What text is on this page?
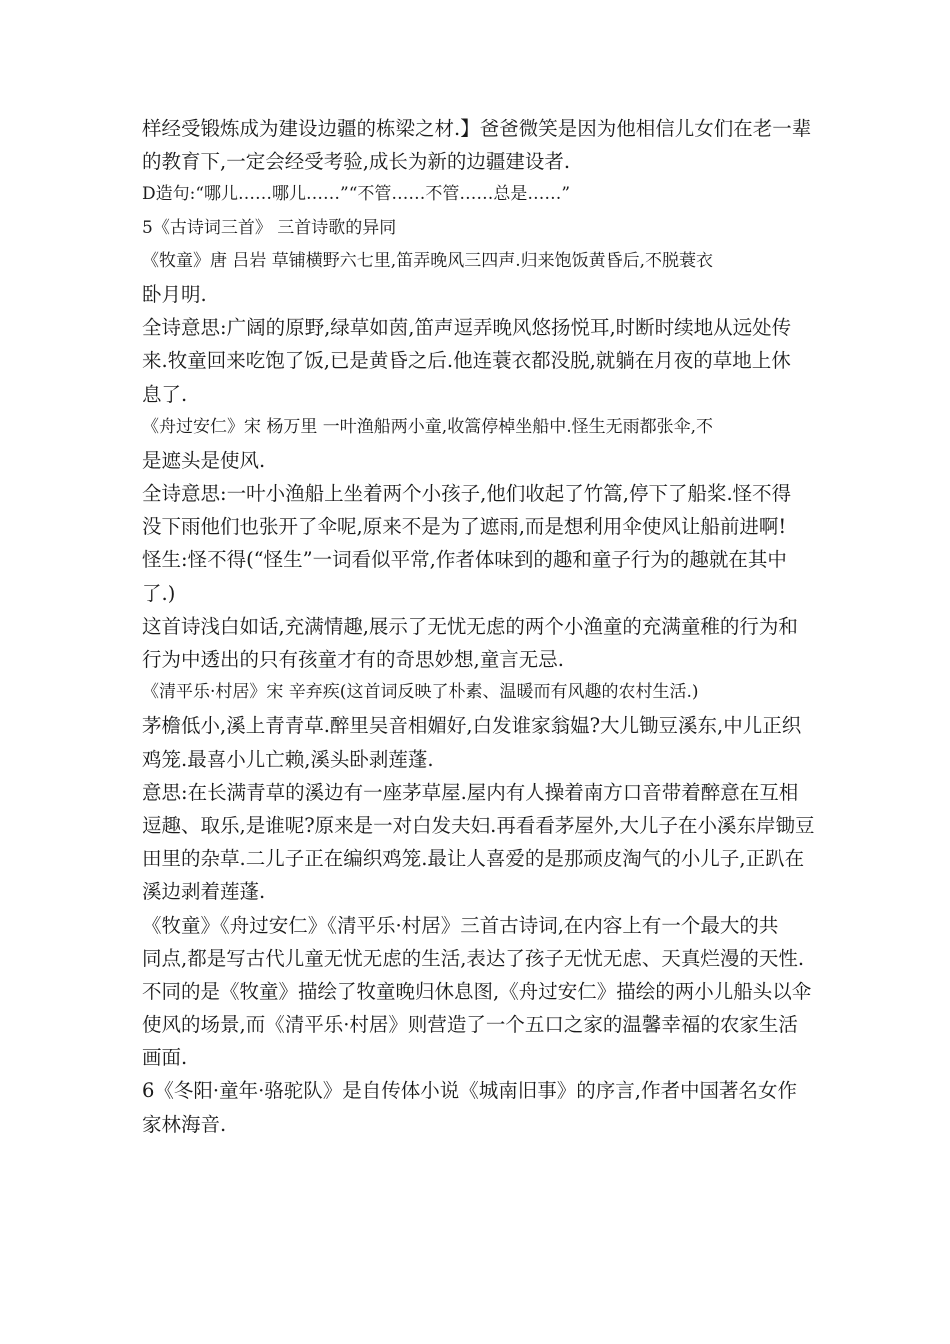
样经受锻炼成为建设边疆的栋梁之材.】爸爸微笑是因为他相信儿女们在老一辈
的教育下,一定会经受考验,成长为新的边疆建设者.
D造句:“哪儿……哪儿……”“不管……不管……总是……”
5《古诗词三首》 三首诗歌的异同
《牧童》唐 吕岩 草铺横野六七里,笛弄晚风三四声.归来饱饭黄昏后,不脱蓑衣
卧月明.
全诗意思:广阔的原野,绿草如茵,笛声逗弄晚风悠扬悦耳,时断时续地从远处传
来.牧童回来吃饱了饭,已是黄昏之后.他连蓑衣都没脱,就躺在月夜的草地上休
息了.
《舟过安仁》宋 杨万里 一叶渔船两小童,收篙停棹坐船中.怪生无雨都张伞,不
是遮头是使风.
全诗意思:一叶小渔船上坐着两个小孩子,他们收起了竹篙,停下了船桨.怪不得
没下雨他们也张开了伞呢,原来不是为了遮雨,而是想利用伞使风让船前进啊!
怪生:怪不得(“怪生”一词看似平常,作者体味到的趣和童子行为的趣就在其中
了.)
这首诗浅白如话,充满情趣,展示了无忧无虑的两个小渔童的充满童稚的行为和
行为中透出的只有孩童才有的奇思妙想,童言无忌.
《清平乐·村居》宋 辛弃疾(这首词反映了朴素、温暖而有风趣的农村生活.)
茅檐低小,溪上青青草.醉里吴音相媚好,白发谁家翁媪?大儿锄豆溪东,中儿正织
鸡笼.最喜小儿亡赖,溪头卧剥莲蓬.
意思:在长满青草的溪边有一座茅草屋.屋内有人操着南方口音带着醉意在互相
逗趣、取乐,是谁呢?原来是一对白发夫妇.再看看茅屋外,大儿子在小溪东岸锄豆
田里的杂草.二儿子正在编织鸡笼.最让人喜爱的是那顽皮淘气的小儿子,正趴在
溪边剥着莲蓬.
《牧童》《舟过安仁》《清平乐·村居》三首古诗词,在内容上有一个最大的共
同点,都是写古代儿童无忧无虑的生活,表达了孩子无忧无虑、天真烂漫的天性.
不同的是《牧童》描绘了牧童晚归休息图,《舟过安仁》描绘的两小儿船头以伞
使风的场景,而《清平乐·村居》则营造了一个五口之家的温馨幸福的农家生活
画面.
6《冬阳·童年·骆驼队》是自传体小说《城南旧事》的序言,作者中国著名女作
家林海音.
